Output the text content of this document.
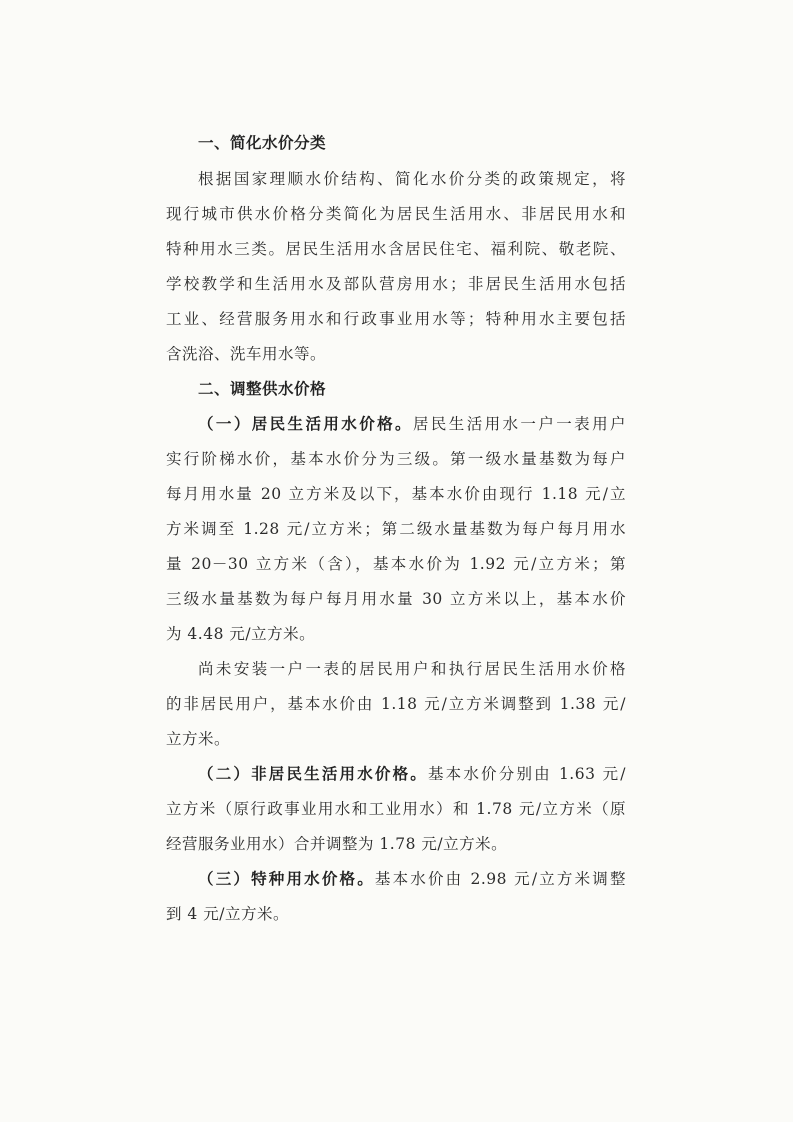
一、简化水价分类
根据国家理顺水价结构、简化水价分类的政策规定，将
现行城市供水价格分类简化为居民生活用水、非居民用水和
特种用水三类。居民生活用水含居民住宅、福利院、敬老院、
学校教学和生活用水及部队营房用水；非居民生活用水包括
工业、经营服务用水和行政事业用水等；特种用水主要包括
含洗浴、洗车用水等。
二、调整供水价格
（一）居民生活用水价格。居民生活用水一户一表用户
实行阶梯水价，基本水价分为三级。第一级水量基数为每户
每月用水量 20 立方米及以下，基本水价由现行 1.18 元/立
方米调至 1.28 元/立方米；第二级水量基数为每户每月用水
量 20－30 立方米（含），基本水价为 1.92 元/立方米；第
三级水量基数为每户每月用水量 30 立方米以上，基本水价
为 4.48 元/立方米。
尚未安装一户一表的居民用户和执行居民生活用水价格
的非居民用户，基本水价由 1.18 元/立方米调整到 1.38 元/
立方米。
（二）非居民生活用水价格。基本水价分别由 1.63 元/
立方米（原行政事业用水和工业用水）和 1.78 元/立方米（原
经营服务业用水）合并调整为 1.78 元/立方米。
（三）特种用水价格。基本水价由 2.98 元/立方米调整
到 4 元/立方米。
